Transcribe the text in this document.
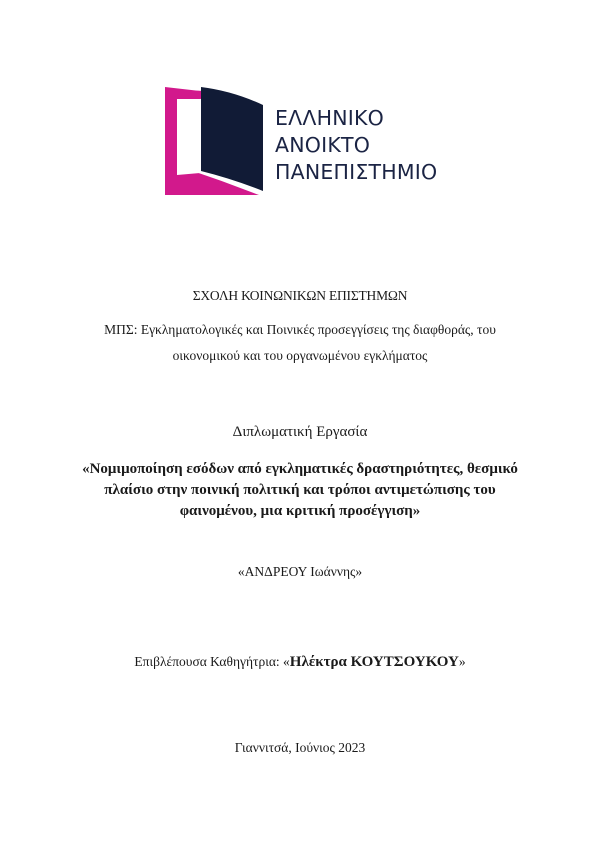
ΕΛΛΗΝΙΚΟ
ΑΝΟΙΚΤΟ
ΠΑΝΕΠΙΣΤΗΜΙΟ
ΣΧΟΛΗ ΚΟΙΝΩΝΙΚΩΝ ΕΠΙΣΤΗΜΩΝ
ΜΠΣ: Εγκληματολογικές και Ποινικές προσεγγίσεις της διαφθοράς, του
οικονομικού και του οργανωμένου εγκλήματος
Διπλωματική Εργασία
«Νομιμοποίηση εσόδων από εγκληματικές δραστηριότητες, θεσμικό
πλαίσιο στην ποινική πολιτική και τρόποι αντιμετώπισης του
φαινομένου, μια κριτική προσέγγιση»
«ΑΝΔΡΕΟΥ Ιωάννης»
Επιβλέπουσα Καθηγήτρια: «Ηλέκτρα ΚΟΥΤΣΟΥΚΟΥ»
Γιαννιτσά, Ιούνιος 2023
